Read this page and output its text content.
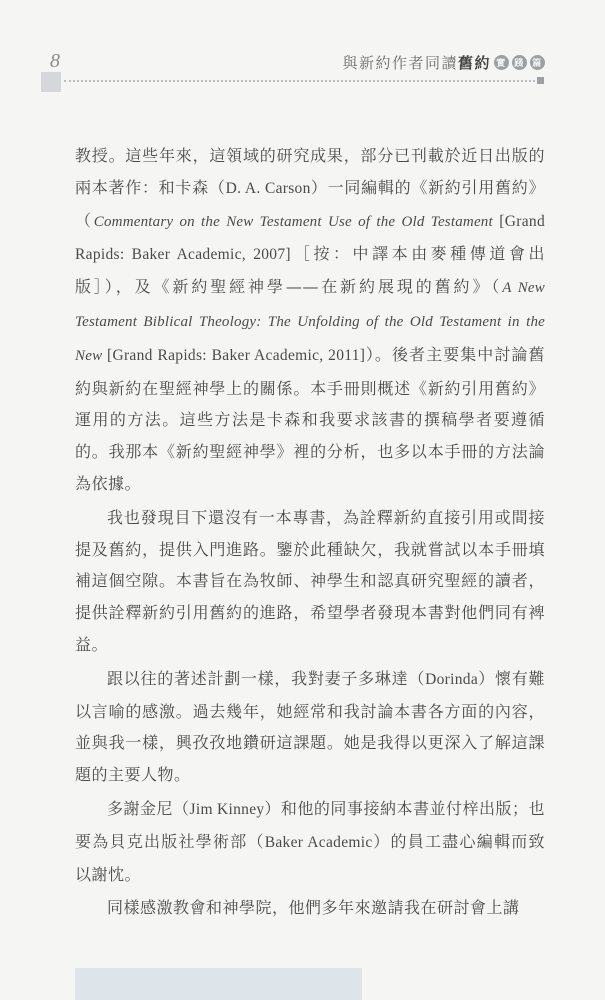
8	與新約作者同讀 舊約 實 踐 篇

教授。這些年來，這領域的研究成果，部分已刊載於近日出版的兩本著作：和卡森（D. A. Carson）一同編輯的《新約引用舊約》（Commentary on the New Testament Use of the Old Testament [Grand Rapids: Baker Academic, 2007]［按：中譯本由麥種傳道會出版］），及《新約聖經神學——在新約展現的舊約》（A New Testament Biblical Theology: The Unfolding of the Old Testament in the New [Grand Rapids: Baker Academic, 2011]）。後者主要集中討論舊約與新約在聖經神學上的關係。本手冊則概述《新約引用舊約》運用的方法。這些方法是卡森和我要求該書的撰稿學者要遵循的。我那本《新約聖經神學》裡的分析，也多以本手冊的方法論為依據。

我也發現目下還沒有一本專書，為詮釋新約直接引用或間接提及舊約，提供入門進路。鑒於此種缺欠，我就嘗試以本手冊填補這個空隙。本書旨在為牧師、神學生和認真研究聖經的讀者，提供詮釋新約引用舊約的進路，希望學者發現本書對他們同有裨益。

跟以往的著述計劃一樣，我對妻子多琳達（Dorinda）懷有難以言喻的感激。過去幾年，她經常和我討論本書各方面的內容，並與我一樣，興孜孜地鑽研這課題。她是我得以更深入了解這課題的主要人物。

多謝金尼（Jim Kinney）和他的同事接納本書並付梓出版；也要為貝克出版社學術部（Baker Academic）的員工盡心編輯而致以謝忱。

同樣感激教會和神學院，他們多年來邀請我在研討會上講
